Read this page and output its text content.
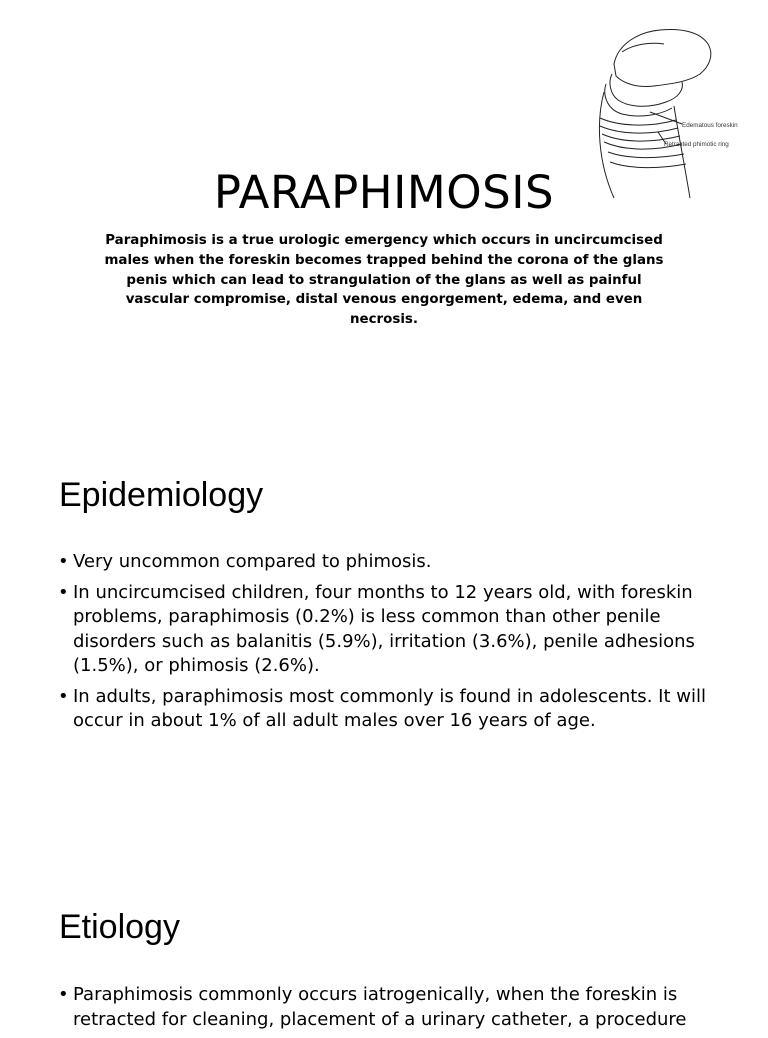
Edematous foreskin
Retracted phimotic ring
PARAPHIMOSIS
Paraphimosis is a true urologic emergency which occurs in uncircumcised males when the foreskin becomes trapped behind the corona of the glans penis which can lead to strangulation of the glans as well as painful vascular compromise, distal venous engorgement, edema, and even necrosis.
Epidemiology
• Very uncommon compared to phimosis.
• In uncircumcised children, four months to 12 years old, with foreskin problems, paraphimosis (0.2%) is less common than other penile disorders such as balanitis (5.9%), irritation (3.6%), penile adhesions (1.5%), or phimosis (2.6%).
• In adults, paraphimosis most commonly is found in adolescents. It will occur in about 1% of all adult males over 16 years of age.
Etiology
• Paraphimosis commonly occurs iatrogenically, when the foreskin is retracted for cleaning, placement of a urinary catheter, a procedure
